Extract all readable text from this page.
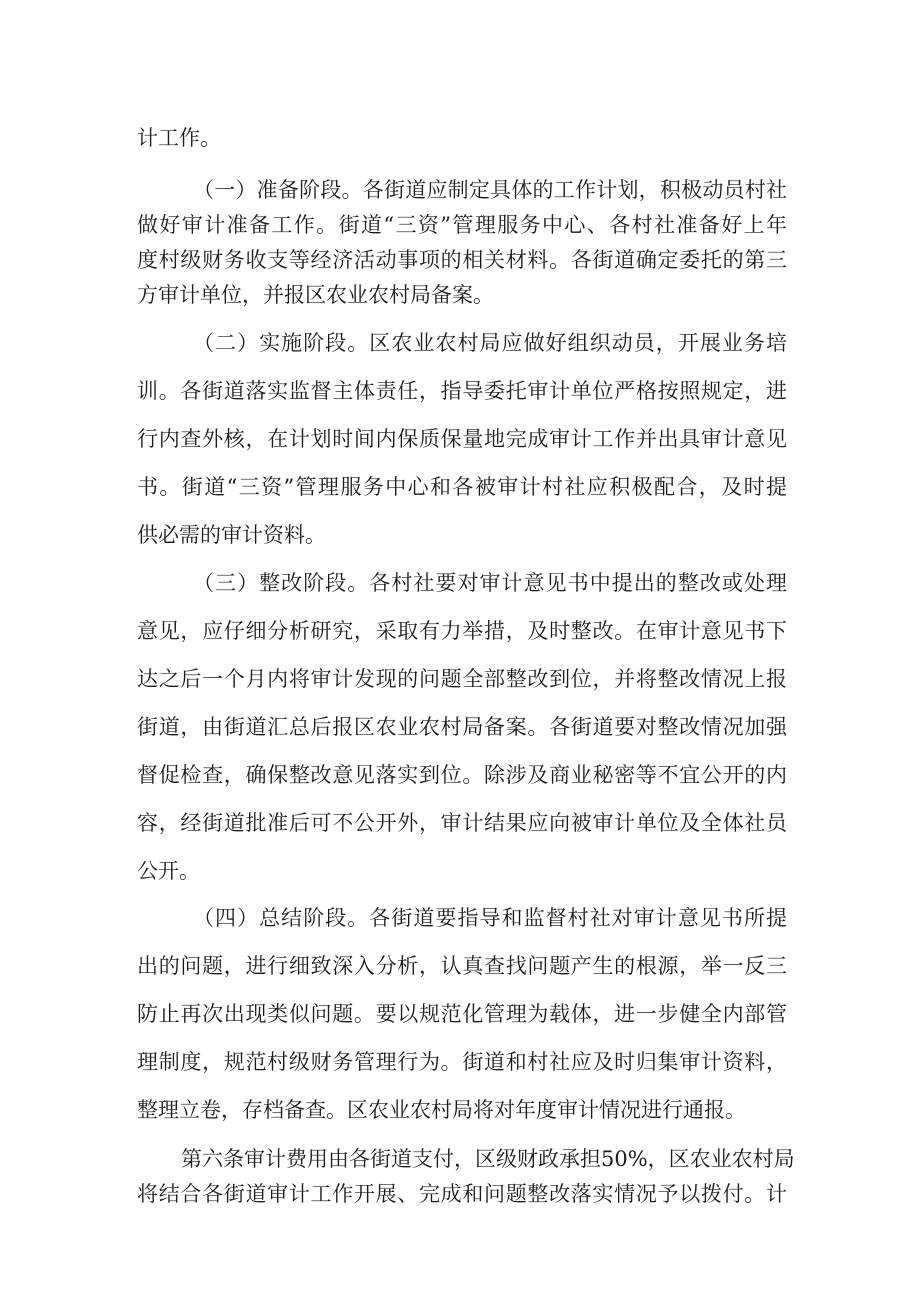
计工作。
（一）准备阶段。各街道应制定具体的工作计划，积极动员村社
做好审计准备工作。街道“三资”管理服务中心、各村社准备好上年
度村级财务收支等经济活动事项的相关材料。各街道确定委托的第三
方审计单位，并报区农业农村局备案。
（二）实施阶段。区农业农村局应做好组织动员，开展业务培
训。各街道落实监督主体责任，指导委托审计单位严格按照规定，进
行内查外核，在计划时间内保质保量地完成审计工作并出具审计意见
书。街道“三资”管理服务中心和各被审计村社应积极配合，及时提
供必需的审计资料。
（三）整改阶段。各村社要对审计意见书中提出的整改或处理
意见，应仔细分析研究，采取有力举措，及时整改。在审计意见书下
达之后一个月内将审计发现的问题全部整改到位，并将整改情况上报
街道，由街道汇总后报区农业农村局备案。各街道要对整改情况加强
督促检查，确保整改意见落实到位。除涉及商业秘密等不宜公开的内
容，经街道批准后可不公开外，审计结果应向被审计单位及全体社员
公开。
（四）总结阶段。各街道要指导和监督村社对审计意见书所提
出的问题，进行细致深入分析，认真查找问题产生的根源，举一反三
防止再次出现类似问题。要以规范化管理为载体，进一步健全内部管
理制度，规范村级财务管理行为。街道和村社应及时归集审计资料，
整理立卷，存档备查。区农业农村局将对年度审计情况进行通报。
第六条审计费用由各街道支付，区级财政承担50%，区农业农村局
将结合各街道审计工作开展、完成和问题整改落实情况予以拨付。计
